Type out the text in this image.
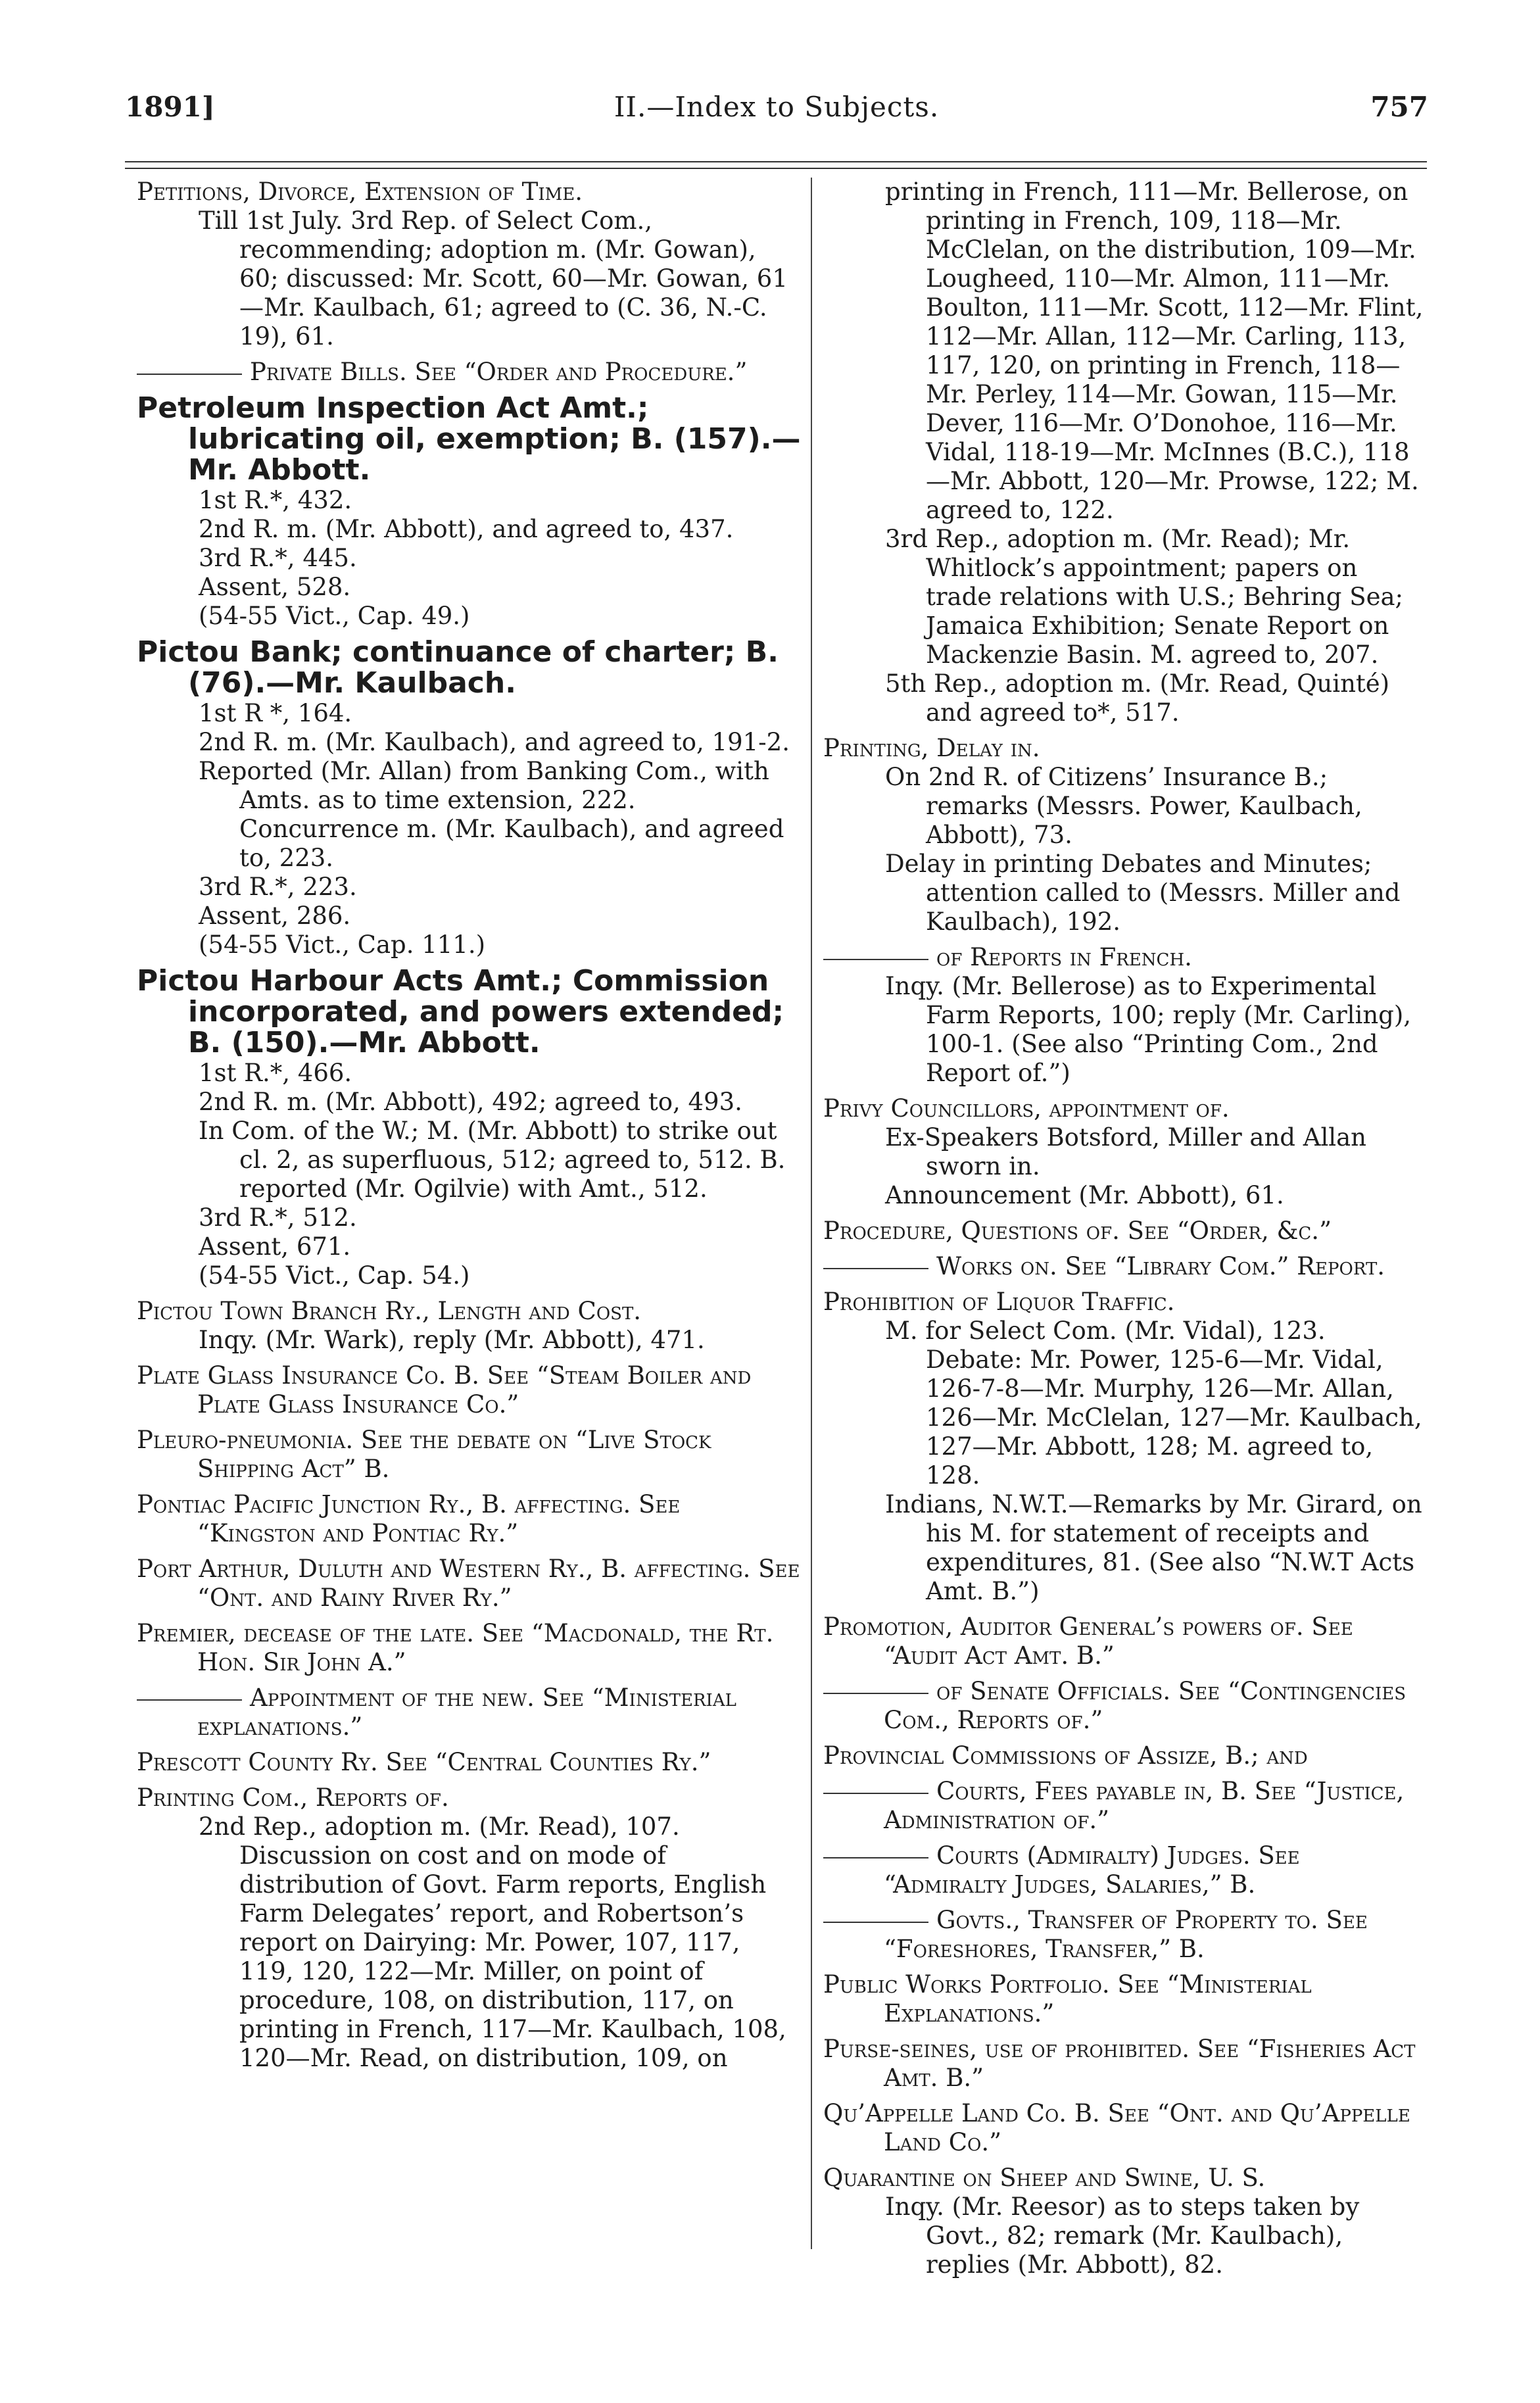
1891]	II.—Index to Subjects.	757
Petitions, Divorce, Extension of Time.
Till 1st July. 3rd Rep. of Select Com., recommending; adoption m. (Mr. Gowan), 60; discussed: Mr. Scott, 60—Mr. Gowan, 61—Mr. Kaulbach, 61; agreed to (C. 36, N.-C. 19), 61.
Private Bills. See “Order and Procedure.”
Petroleum Inspection Act Amt.; lubricating oil, exemption; B. (157).—Mr. Abbott.
1st R.*, 432.
2nd R. m. (Mr. Abbott), and agreed to, 437.
3rd R.*, 445.
Assent, 528.
(54-55 Vict., Cap. 49.)
Pictou Bank; continuance of charter; B. (76).—Mr. Kaulbach.
1st R *, 164.
2nd R. m. (Mr. Kaulbach), and agreed to, 191-2.
Reported (Mr. Allan) from Banking Com., with Amts. as to time extension, 222. Concurrence m. (Mr. Kaulbach), and agreed to, 223.
3rd R.*, 223.
Assent, 286.
(54-55 Vict., Cap. 111.)
Pictou Harbour Acts Amt.; Commission incorporated, and powers extended; B. (150).—Mr. Abbott.
1st R.*, 466.
2nd R. m. (Mr. Abbott), 492; agreed to, 493.
In Com. of the W.; M. (Mr. Abbott) to strike out cl. 2, as superfluous, 512; agreed to, 512. B. reported (Mr. Ogilvie) with Amt., 512.
3rd R.*, 512.
Assent, 671.
(54-55 Vict., Cap. 54.)
Pictou Town Branch Ry., Length and Cost.
Inqy. (Mr. Wark), reply (Mr. Abbott), 471.
Plate Glass Insurance Co. B. See “Steam Boiler and Plate Glass Insurance Co.”
Pleuro-pneumonia. See the debate on “Live Stock Shipping Act” B.
Pontiac Pacific Junction Ry., B. affecting. See “Kingston and Pontiac Ry.”
Port Arthur, Duluth and Western Ry., B. affecting. See “Ont. and Rainy River Ry.”
Premier, decease of the late. See “Macdonald, the Rt. Hon. Sir John A.”
Appointment of the new. See “Ministerial explanations.”
Prescott County Ry. See “Central Counties Ry.”
Printing Com., Reports of.
2nd Rep., adoption m. (Mr. Read), 107. Discussion on cost and on mode of distribution of Govt. Farm reports, English Farm Delegates’ report, and Robertson’s report on Dairying: Mr. Power, 107, 117, 119, 120, 122—Mr. Miller, on point of procedure, 108, on distribution, 117, on printing in French, 117—Mr. Kaulbach, 108, 120—Mr. Read, on distribution, 109, on
printing in French, 111—Mr. Bellerose, on printing in French, 109, 118—Mr. McClelan, on the distribution, 109—Mr. Lougheed, 110—Mr. Almon, 111—Mr. Boulton, 111—Mr. Scott, 112—Mr. Flint, 112—Mr. Allan, 112—Mr. Carling, 113, 117, 120, on printing in French, 118—Mr. Perley, 114—Mr. Gowan, 115—Mr. Dever, 116—Mr. O’Donohoe, 116—Mr. Vidal, 118-19—Mr. McInnes (B.C.), 118—Mr. Abbott, 120—Mr. Prowse, 122; M. agreed to, 122.
3rd Rep., adoption m. (Mr. Read); Mr. Whitlock’s appointment; papers on trade relations with U.S.; Behring Sea; Jamaica Exhibition; Senate Report on Mackenzie Basin. M. agreed to, 207.
5th Rep., adoption m. (Mr. Read, Quinté) and agreed to*, 517.
Printing, Delay in.
On 2nd R. of Citizens’ Insurance B.; remarks (Messrs. Power, Kaulbach, Abbott), 73.
Delay in printing Debates and Minutes; attention called to (Messrs. Miller and Kaulbach), 192.
of Reports in French.
Inqy. (Mr. Bellerose) as to Experimental Farm Reports, 100; reply (Mr. Carling), 100-1. (See also “Printing Com., 2nd Report of.”)
Privy Councillors, appointment of.
Ex-Speakers Botsford, Miller and Allan sworn in.
Announcement (Mr. Abbott), 61.
Procedure, Questions of. See “Order, &c.”
Works on. See “Library Com.” Report.
Prohibition of Liquor Traffic.
M. for Select Com. (Mr. Vidal), 123. Debate: Mr. Power, 125-6—Mr. Vidal, 126-7-8—Mr. Murphy, 126—Mr. Allan, 126—Mr. McClelan, 127—Mr. Kaulbach, 127—Mr. Abbott, 128; M. agreed to, 128.
Indians, N.W.T.—Remarks by Mr. Girard, on his M. for statement of receipts and expenditures, 81. (See also “N.W.T Acts Amt. B.”)
Promotion, Auditor General’s powers of. See “Audit Act Amt. B.”
of Senate Officials. See “Contingencies Com., Reports of.”
Provincial Commissions of Assize, B.; and
Courts, Fees payable in, B. See “Justice, Administration of.”
Courts (Admiralty) Judges. See “Admiralty Judges, Salaries,” B.
Govts., Transfer of Property to. See “Foreshores, Transfer,” B.
Public Works Portfolio. See “Ministerial Explanations.”
Purse-seines, use of prohibited. See “Fisheries Act Amt. B.”
Qu’Appelle Land Co. B. See “Ont. and Qu’Appelle Land Co.”
Quarantine on Sheep and Swine, U. S.
Inqy. (Mr. Reesor) as to steps taken by Govt., 82; remark (Mr. Kaulbach), replies (Mr. Abbott), 82.
